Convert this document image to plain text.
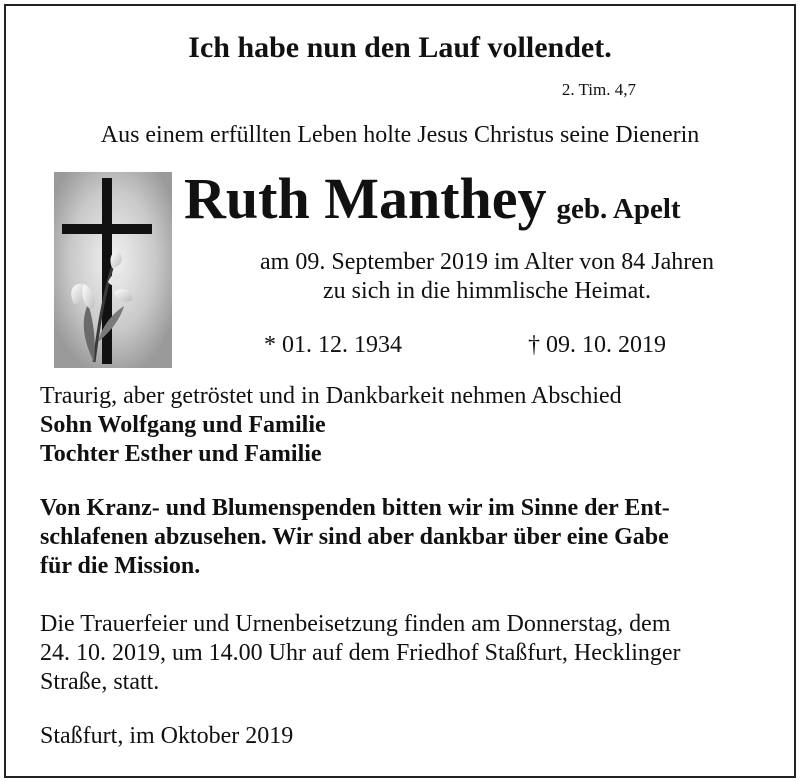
Ich habe nun den Lauf vollendet.
2. Tim. 4,7
Aus einem erfüllten Leben holte Jesus Christus seine Dienerin
Ruth Manthey geb. Apelt
am 09. September 2019 im Alter von 84 Jahren
zu sich in die himmlische Heimat.
* 01. 12. 1934	† 09. 10. 2019
Traurig, aber getröstet und in Dankbarkeit nehmen Abschied
Sohn Wolfgang und Familie
Tochter Esther und Familie
Von Kranz- und Blumenspenden bitten wir im Sinne der Ent-
schlafenen abzusehen. Wir sind aber dankbar über eine Gabe
für die Mission.
Die Trauerfeier und Urnenbeisetzung finden am Donnerstag, dem
24. 10. 2019, um 14.00 Uhr auf dem Friedhof Staßfurt, Hecklinger
Straße, statt.
Staßfurt, im Oktober 2019
